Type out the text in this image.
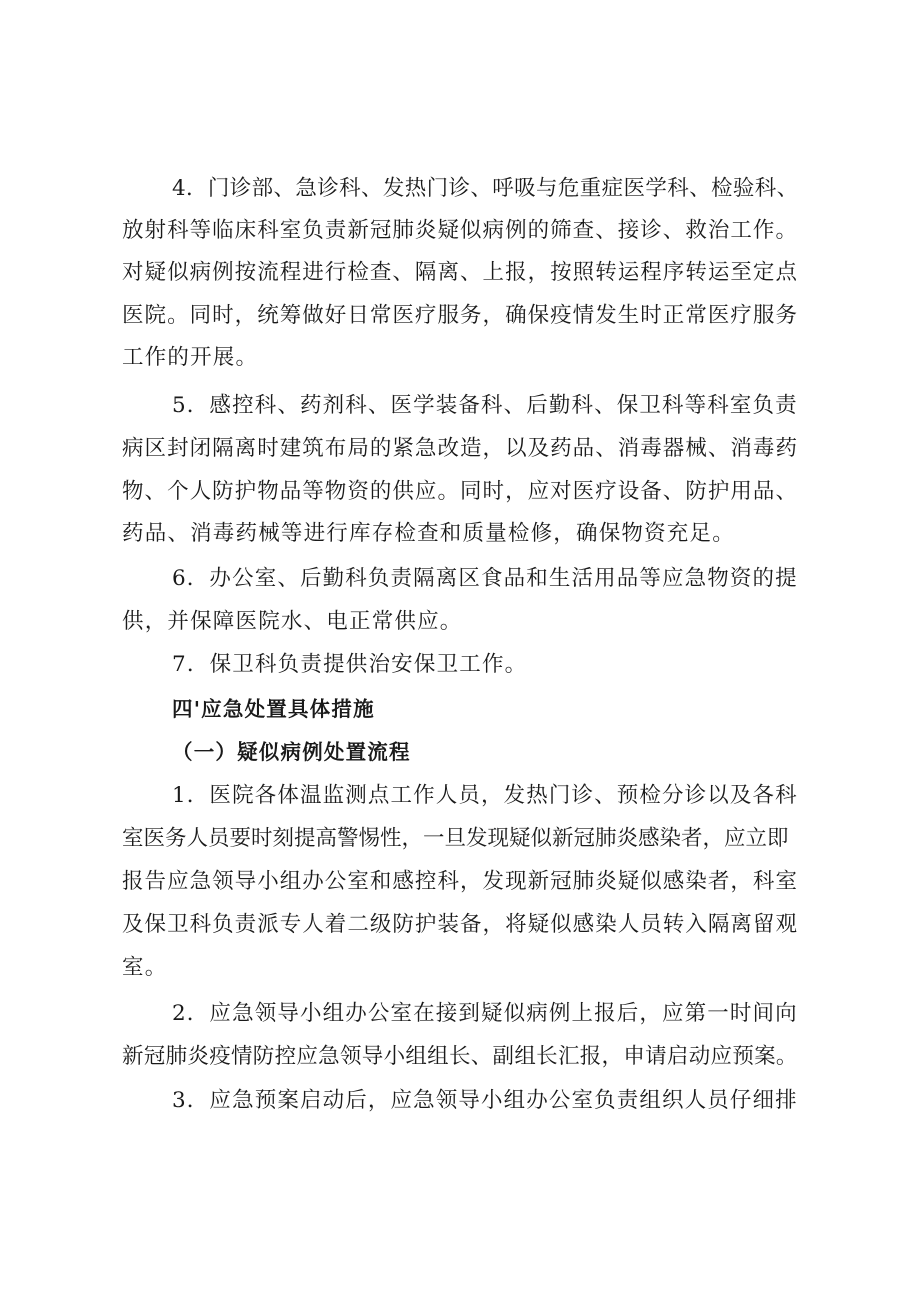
4．门诊部、急诊科、发热门诊、呼吸与危重症医学科、检验科、
放射科等临床科室负责新冠肺炎疑似病例的筛查、接诊、救治工作。
对疑似病例按流程进行检查、隔离、上报，按照转运程序转运至定点
医院。同时，统筹做好日常医疗服务，确保疫情发生时正常医疗服务
工作的开展。
5．感控科、药剂科、医学装备科、后勤科、保卫科等科室负责
病区封闭隔离时建筑布局的紧急改造，以及药品、消毒器械、消毒药
物、个人防护物品等物资的供应。同时，应对医疗设备、防护用品、
药品、消毒药械等进行库存检查和质量检修，确保物资充足。
6．办公室、后勤科负责隔离区食品和生活用品等应急物资的提
供，并保障医院水、电正常供应。
7．保卫科负责提供治安保卫工作。
四'应急处置具体措施
（一）疑似病例处置流程
1．医院各体温监测点工作人员，发热门诊、预检分诊以及各科
室医务人员要时刻提高警惕性，一旦发现疑似新冠肺炎感染者，应立即
报告应急领导小组办公室和感控科，发现新冠肺炎疑似感染者，科室
及保卫科负责派专人着二级防护装备，将疑似感染人员转入隔离留观
室。
2．应急领导小组办公室在接到疑似病例上报后，应第一时间向
新冠肺炎疫情防控应急领导小组组长、副组长汇报，申请启动应预案。
3．应急预案启动后，应急领导小组办公室负责组织人员仔细排
